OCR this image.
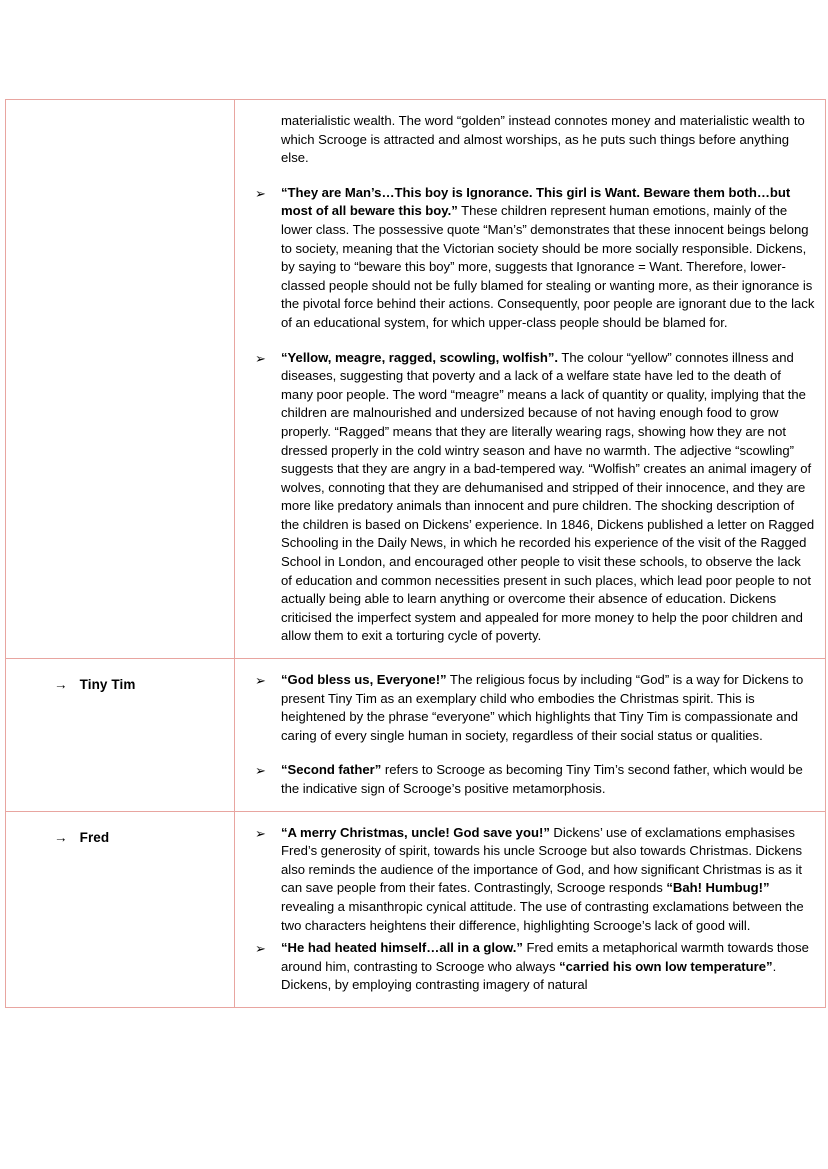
	materialistic wealth. The word “golden” instead connotes money and materialistic wealth to which Scrooge is attracted and almost worships, as he puts such things before anything else.
➢ “They are Man’s…This boy is Ignorance. This girl is Want. Beware them both…but most of all beware this boy.” These children represent human emotions, mainly of the lower class. The possessive quote “Man’s” demonstrates that these innocent beings belong to society, meaning that the Victorian society should be more socially responsible. Dickens, by saying to “beware this boy” more, suggests that Ignorance = Want. Therefore, lower-classed people should not be fully blamed for stealing or wanting more, as their ignorance is the pivotal force behind their actions. Consequently, poor people are ignorant due to the lack of an educational system, for which upper-class people should be blamed for.
➢ “Yellow, meagre, ragged, scowling, wolfish”. The colour “yellow” connotes illness and diseases, suggesting that poverty and a lack of a welfare state have led to the death of many poor people. The word “meagre” means a lack of quantity or quality, implying that the children are malnourished and undersized because of not having enough food to grow properly. “Ragged” means that they are literally wearing rags, showing how they are not dressed properly in the cold wintry season and have no warmth. The adjective “scowling” suggests that they are angry in a bad-tempered way. “Wolfish” creates an animal imagery of wolves, connoting that they are dehumanised and stripped of their innocence, and they are more like predatory animals than innocent and pure children. The shocking description of the children is based on Dickens’ experience. In 1846, Dickens published a letter on Ragged Schooling in the Daily News, in which he recorded his experience of the visit of the Ragged School in London, and encouraged other people to visit these schools, to observe the lack of education and common necessities present in such places, which lead poor people to not actually being able to learn anything or overcome their absence of education. Dickens criticised the imperfect system and appealed for more money to help the poor children and allow them to exit a torturing cycle of poverty.

→ Tiny Tim	➢	“God bless us, Everyone!” The religious focus by including “God” is a way for Dickens to present Tiny Tim as an exemplary child who embodies the Christmas spirit. This is heightened by the phrase “everyone” which highlights that Tiny Tim is compassionate and caring of every single human in society, regardless of their social status or qualities.
➢	“Second father” refers to Scrooge as becoming Tiny Tim’s second father, which would be the indicative sign of Scrooge’s positive metamorphosis.

→ Fred	➢	“A merry Christmas, uncle! God save you!” Dickens’ use of exclamations emphasises Fred’s generosity of spirit, towards his uncle Scrooge but also towards Christmas. Dickens also reminds the audience of the importance of God, and how significant Christmas is as it can save people from their fates. Contrastingly, Scrooge responds “Bah! Humbug!” revealing a misanthropic cynical attitude. The use of contrasting exclamations between the two characters heightens their difference, highlighting Scrooge’s lack of good will.
➢	“He had heated himself…all in a glow.” Fred emits a metaphorical warmth towards those around him, contrasting to Scrooge who always “carried his own low temperature”. Dickens, by employing contrasting imagery of natural
